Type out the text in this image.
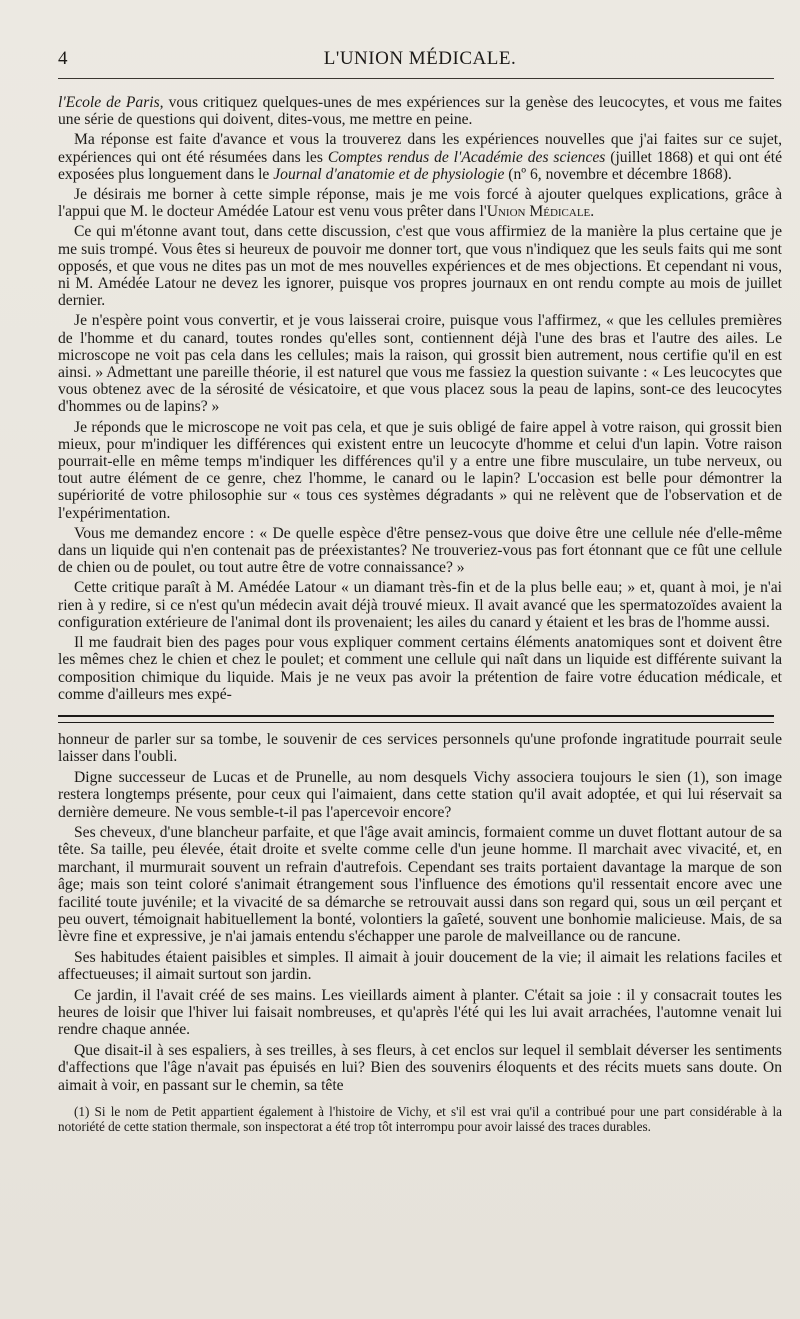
4	L'UNION MÉDICALE.

l'Ecole de Paris, vous critiquez quelques-unes de mes expériences sur la genèse des leucocytes, et vous me faites une série de questions qui doivent, dites-vous, me mettre en peine.

Ma réponse est faite d'avance et vous la trouverez dans les expériences nouvelles que j'ai faites sur ce sujet, expériences qui ont été résumées dans les Comptes rendus de l'Académie des sciences (juillet 1868) et qui ont été exposées plus longuement dans le Journal d'anatomie et de physiologie (nº 6, novembre et décembre 1868).

Je désirais me borner à cette simple réponse, mais je me vois forcé à ajouter quelques explications, grâce à l'appui que M. le docteur Amédée Latour est venu vous prêter dans l'Union Médicale.

Ce qui m'étonne avant tout, dans cette discussion, c'est que vous affirmiez de la manière la plus certaine que je me suis trompé. Vous êtes si heureux de pouvoir me donner tort, que vous n'indiquez que les seuls faits qui me sont opposés, et que vous ne dites pas un mot de mes nouvelles expériences et de mes objections. Et cependant ni vous, ni M. Amédée Latour ne devez les ignorer, puisque vos propres journaux en ont rendu compte au mois de juillet dernier.

Je n'espère point vous convertir, et je vous laisserai croire, puisque vous l'affirmez, « que les cellules premières de l'homme et du canard, toutes rondes qu'elles sont, contiennent déjà l'une des bras et l'autre des ailes. Le microscope ne voit pas cela dans les cellules; mais la raison, qui grossit bien autrement, nous certifie qu'il en est ainsi. » Admettant une pareille théorie, il est naturel que vous me fassiez la question suivante : « Les leucocytes que vous obtenez avec de la sérosité de vésicatoire, et que vous placez sous la peau de lapins, sont-ce des leucocytes d'hommes ou de lapins? »

Je réponds que le microscope ne voit pas cela, et que je suis obligé de faire appel à votre raison, qui grossit bien mieux, pour m'indiquer les différences qui existent entre un leucocyte d'homme et celui d'un lapin. Votre raison pourrait-elle en même temps m'indiquer les différences qu'il y a entre une fibre musculaire, un tube nerveux, ou tout autre élément de ce genre, chez l'homme, le canard ou le lapin? L'occasion est belle pour démontrer la supériorité de votre philosophie sur « tous ces systèmes dégradants » qui ne relèvent que de l'observation et de l'expérimentation.

Vous me demandez encore : « De quelle espèce d'être pensez-vous que doive être une cellule née d'elle-même dans un liquide qui n'en contenait pas de préexistantes? Ne trouveriez-vous pas fort étonnant que ce fût une cellule de chien ou de poulet, ou tout autre être de votre connaissance? »

Cette critique paraît à M. Amédée Latour « un diamant très-fin et de la plus belle eau; » et, quant à moi, je n'ai rien à y redire, si ce n'est qu'un médecin avait déjà trouvé mieux. Il avait avancé que les spermatozoïdes avaient la configuration extérieure de l'animal dont ils provenaient; les ailes du canard y étaient et les bras de l'homme aussi.

Il me faudrait bien des pages pour vous expliquer comment certains éléments anatomiques sont et doivent être les mêmes chez le chien et chez le poulet; et comment une cellule qui naît dans un liquide est différente suivant la composition chimique du liquide. Mais je ne veux pas avoir la prétention de faire votre éducation médicale, et comme d'ailleurs mes expé-

honneur de parler sur sa tombe, le souvenir de ces services personnels qu'une profonde ingratitude pourrait seule laisser dans l'oubli.

Digne successeur de Lucas et de Prunelle, au nom desquels Vichy associera toujours le sien (1), son image restera longtemps présente, pour ceux qui l'aimaient, dans cette station qu'il avait adoptée, et qui lui réservait sa dernière demeure. Ne vous semble-t-il pas l'apercevoir encore?

Ses cheveux, d'une blancheur parfaite, et que l'âge avait amincis, formaient comme un duvet flottant autour de sa tête. Sa taille, peu élevée, était droite et svelte comme celle d'un jeune homme. Il marchait avec vivacité, et, en marchant, il murmurait souvent un refrain d'autrefois. Cependant ses traits portaient davantage la marque de son âge; mais son teint coloré s'animait étrangement sous l'influence des émotions qu'il ressentait encore avec une facilité toute juvénile; et la vivacité de sa démarche se retrouvait aussi dans son regard qui, sous un œil perçant et peu ouvert, témoignait habituellement la bonté, volontiers la gaîeté, souvent une bonhomie malicieuse. Mais, de sa lèvre fine et expressive, je n'ai jamais entendu s'échapper une parole de malveillance ou de rancune.

Ses habitudes étaient paisibles et simples. Il aimait à jouir doucement de la vie; il aimait les relations faciles et affectueuses; il aimait surtout son jardin.

Ce jardin, il l'avait créé de ses mains. Les vieillards aiment à planter. C'était sa joie : il y consacrait toutes les heures de loisir que l'hiver lui faisait nombreuses, et qu'après l'été qui les lui avait arrachées, l'automne venait lui rendre chaque année.

Que disait-il à ses espaliers, à ses treilles, à ses fleurs, à cet enclos sur lequel il semblait déverser les sentiments d'affections que l'âge n'avait pas épuisés en lui? Bien des souvenirs éloquents et des récits muets sans doute. On aimait à voir, en passant sur le chemin, sa tête

(1) Si le nom de Petit appartient également à l'histoire de Vichy, et s'il est vrai qu'il a contribué pour une part considérable à la notoriété de cette station thermale, son inspectorat a été trop tôt interrompu pour avoir laissé des traces durables.
